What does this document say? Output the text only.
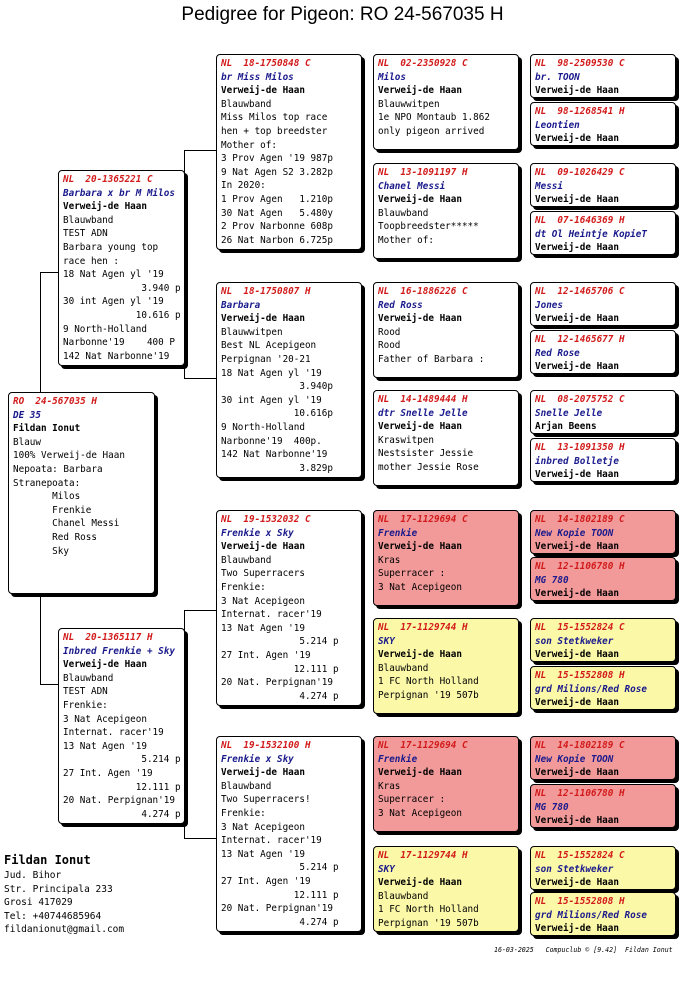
Pedigree for Pigeon: RO 24-567035 H
RO  24-567035 H
DE 35
Fildan Ionut
Blauw
100% Verweij-de Haan
Nepoata: Barbara
Stranepoata:
Milos
Frenkie
Chanel Messi
Red Ross
Sky
NL  20-1365221 C
Barbara x br M Milos
Verweij-de Haan
Blauwband
TEST ADN
Barbara young top
race hen :
18 Nat Agen yl '19
3.940 p
30 int Agen yl '19
10.616 p
9 North-Holland
Narbonne'19    400 P
142 Nat Narbonne'19
NL  20-1365117 H
Inbred Frenkie + Sky
Verweij-de Haan
Blauwband
TEST ADN
Frenkie:
3 Nat Acepigeon
Internat. racer'19
13 Nat Agen '19
5.214 p
27 Int. Agen '19
12.111 p
20 Nat. Perpignan'19
4.274 p
NL  18-1750848 C
br Miss Milos
Verweij-de Haan
Blauwband
Miss Milos top race
hen + top breedster
Mother of:
3 Prov Agen '19 987p
9 Nat Agen S2 3.282p
In 2020:
1 Prov Agen   1.210p
30 Nat Agen   5.480y
2 Prov Narbonne 608p
26 Nat Narbon 6.725p
NL  18-1750807 H
Barbara
Verweij-de Haan
Blauwwitpen
Best NL Acepigeon
Perpignan '20-21
18 Nat Agen yl '19
3.940p
30 int Agen yl '19
10.616p
9 North-Holland
Narbonne'19  400p.
142 Nat Narbonne'19
3.829p
NL  19-1532032 C
Frenkie x Sky
Verweij-de Haan
Blauwband
Two Superracers
Frenkie:
3 Nat Acepigeon
Internat. racer'19
13 Nat Agen '19
5.214 p
27 Int. Agen '19
12.111 p
20 Nat. Perpignan'19
4.274 p
NL  19-1532100 H
Frenkie x Sky
Verweij-de Haan
Blauwband
Two Superracers!
Frenkie:
3 Nat Acepigeon
Internat. racer'19
13 Nat Agen '19
5.214 p
27 Int. Agen '19
12.111 p
20 Nat. Perpignan'19
4.274 p
NL  02-2350928 C
Milos
Verweij-de Haan
Blauwwitpen
1e NPO Montaub 1.862
only pigeon arrived
NL  13-1091197 H
Chanel Messi
Verweij-de Haan
Blauwband
Toopbreedster*****
Mother of:
NL  16-1886226 C
Red Ross
Verweij-de Haan
Rood
Rood
Father of Barbara :
NL  14-1489444 H
dtr Snelle Jelle
Verweij-de Haan
Kraswitpen
Nestsister Jessie
mother Jessie Rose
NL  17-1129694 C
Frenkie
Verweij-de Haan
Kras
Superracer :
3 Nat Acepigeon
NL  17-1129744 H
SKY
Verweij-de Haan
Blauwband
1 FC North Holland
Perpignan '19 507b
NL  17-1129694 C
Frenkie
Verweij-de Haan
Kras
Superracer :
3 Nat Acepigeon
NL  17-1129744 H
SKY
Verweij-de Haan
Blauwband
1 FC North Holland
Perpignan '19 507b
NL  98-2509530 C
br. TOON
Verweij-de Haan
NL  98-1268541 H
Leontien
Verweij-de Haan
NL  09-1026429 C
Messi
Verweij-de Haan
NL  07-1646369 H
dt Ol Heintje KopieT
Verweij-de Haan
NL  12-1465706 C
Jones
Verweij-de Haan
NL  12-1465677 H
Red Rose
Verweij-de Haan
NL  08-2075752 C
Snelle Jelle
Arjan Beens
NL  13-1091350 H
inbred Bolletje
Verweij-de Haan
NL  14-1802189 C
New Kopie TOON
Verweij-de Haan
NL  12-1106780 H
MG 780
Verweij-de Haan
NL  15-1552824 C
son Stetkweker
Verweij-de Haan
NL  15-1552808 H
grd Milions/Red Rose
Verweij-de Haan
NL  14-1802189 C
New Kopie TOON
Verweij-de Haan
NL  12-1106780 H
MG 780
Verweij-de Haan
NL  15-1552824 C
son Stetkweker
Verweij-de Haan
NL  15-1552808 H
grd Milions/Red Rose
Verweij-de Haan
Fildan Ionut
Jud. Bihor
Str. Principala 233
Grosi 417029
Tel: +40744685964
fildanionut@gmail.com
16-03-2025   Compuclub © [9.42]  Fildan Ionut
